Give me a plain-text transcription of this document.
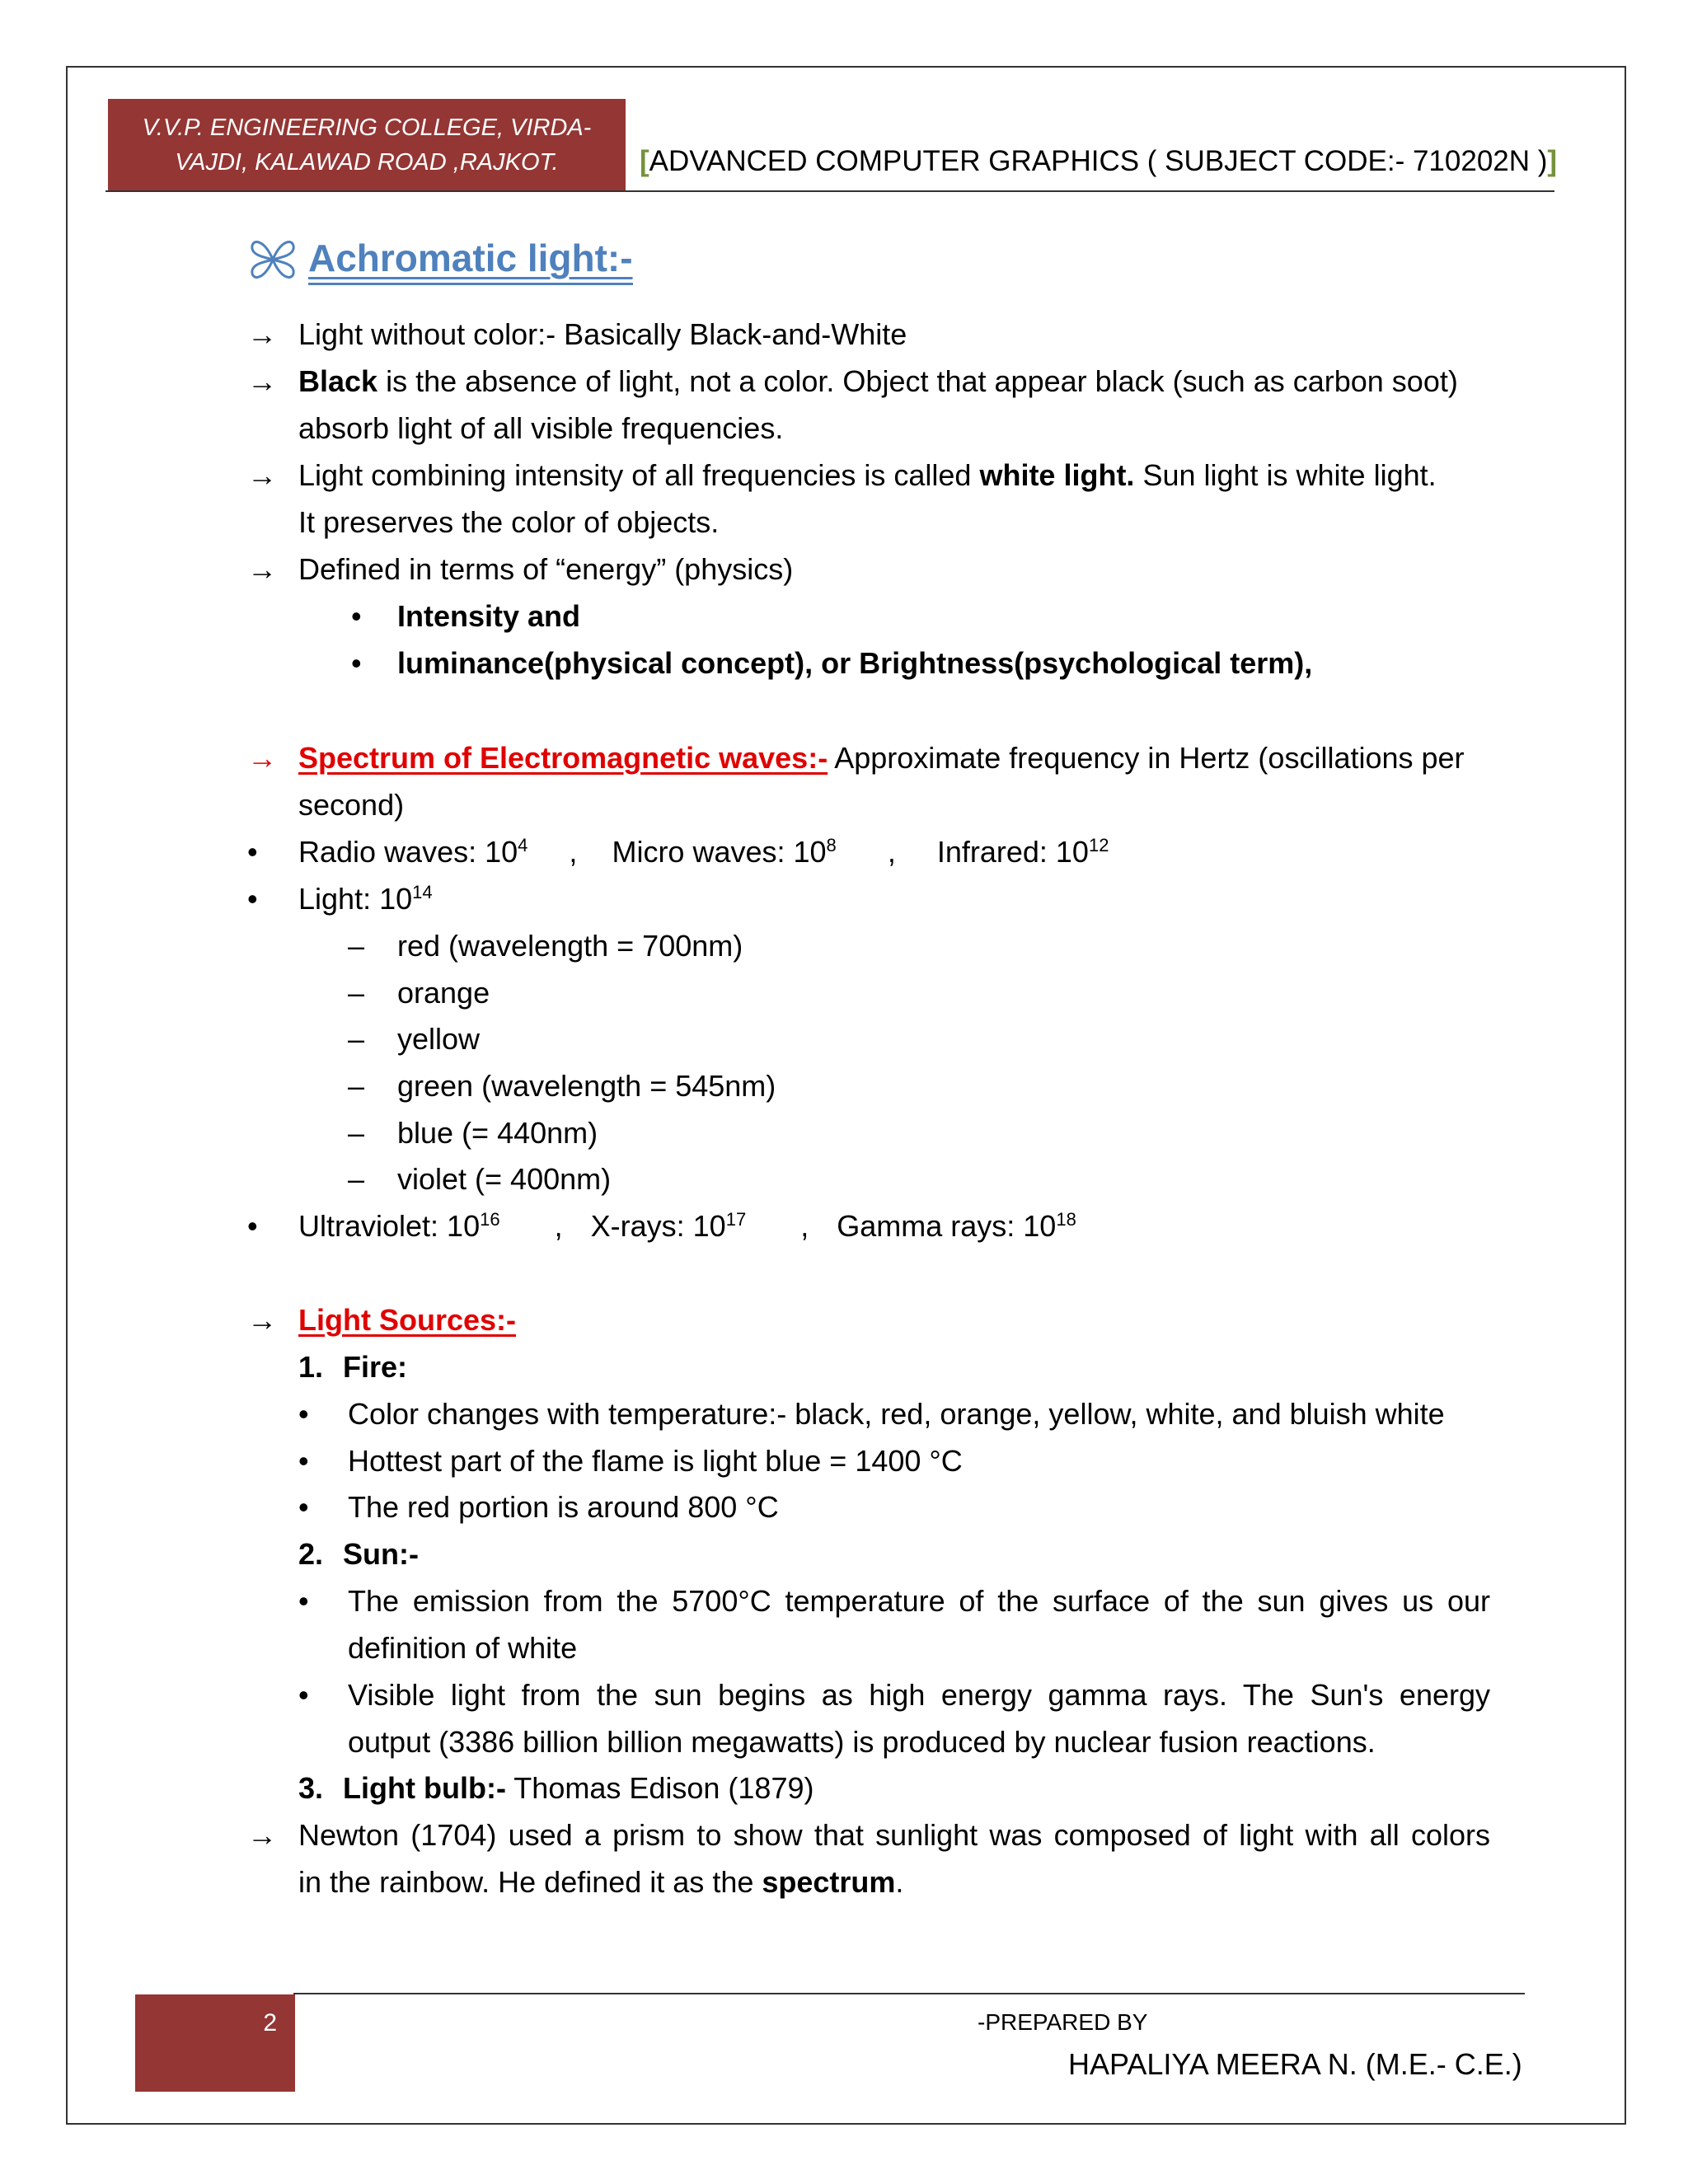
V.V.P. ENGINEERING COLLEGE, VIRDA-
VAJDI, KALAWAD ROAD ,RAJKOT.	[ADVANCED COMPUTER GRAPHICS ( SUBJECT CODE:- 710202N )]
Achromatic light:-
→ Light without color:- Basically Black-and-White
→ Black is the absence of light, not a color. Object that appear black (such as carbon soot)
absorb light of all visible frequencies.
→ Light combining intensity of all frequencies is called white light. Sun light is white light.
It preserves the color of objects.
→ Defined in terms of “energy” (physics)
• Intensity and
• luminance(physical concept), or Brightness(psychological term),
→ Spectrum of Electromagnetic waves:- Approximate frequency in Hertz (oscillations per
second)
• Radio waves: $10^4$ , Micro waves: $10^8$ , Infrared: $10^{12}$
• Light: $10^{14}$
– red (wavelength = 700nm)
– orange
– yellow
– green (wavelength = 545nm)
– blue (= 440nm)
– violet (= 400nm)
• Ultraviolet: $10^{16}$ , X-rays: $10^{17}$ , Gamma rays: $10^{18}$
→ Light Sources:-
1. Fire:
• Color changes with temperature:- black, red, orange, yellow, white, and bluish white
• Hottest part of the flame is light blue = 1400 °C
• The red portion is around 800 °C
2. Sun:-
• The emission from the 5700°C temperature of the surface of the sun gives us our
definition of white
• Visible light from the sun begins as high energy gamma rays. The Sun's energy
output (3386 billion billion megawatts) is produced by nuclear fusion reactions.
3. Light bulb:- Thomas Edison (1879)
→ Newton (1704) used a prism to show that sunlight was composed of light with all colors
in the rainbow. He defined it as the spectrum.
2	-PREPARED BY
HAPALIYA MEERA N. (M.E.- C.E.)
